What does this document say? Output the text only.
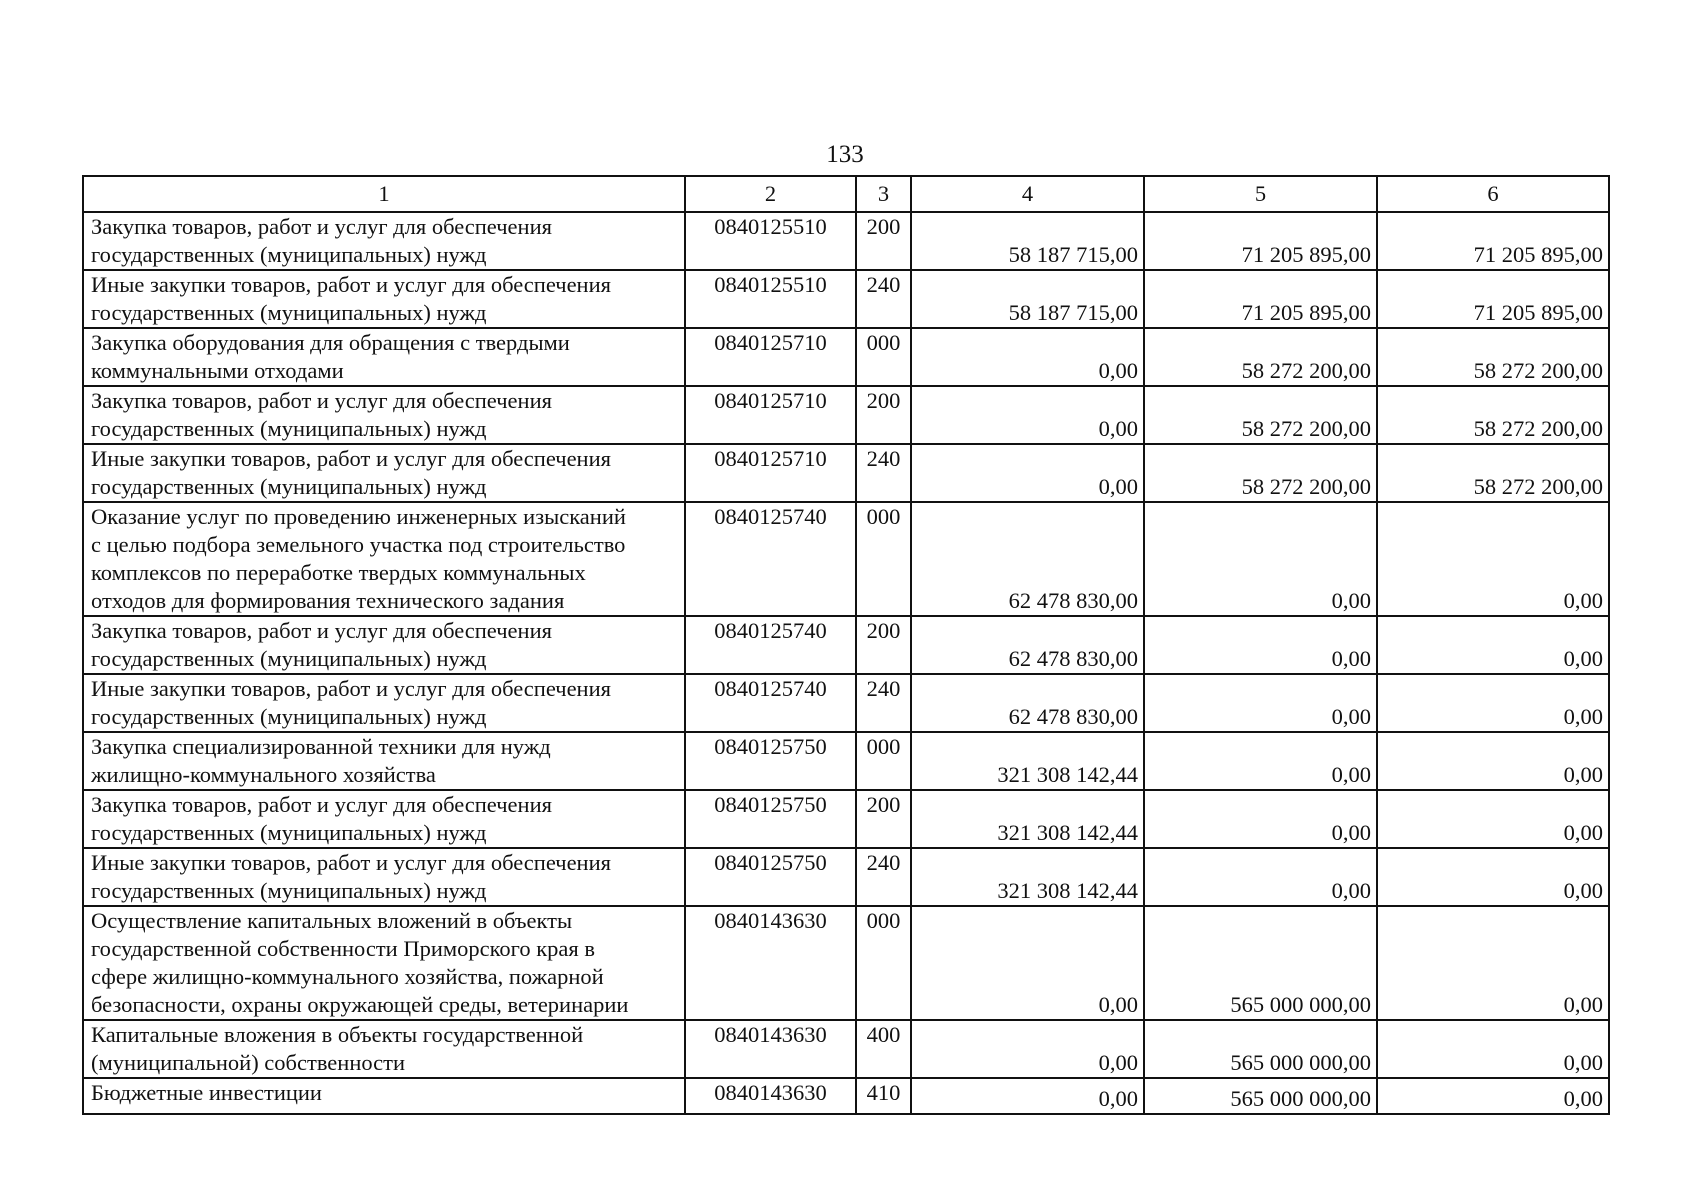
133
1	2	3	4	5	6
Закупка товаров, работ и услуг для обеспечения
государственных (муниципальных) нужд	0840125510	200	58 187 715,00	71 205 895,00	71 205 895,00
Иные закупки товаров, работ и услуг для обеспечения
государственных (муниципальных) нужд	0840125510	240	58 187 715,00	71 205 895,00	71 205 895,00
Закупка оборудования для обращения с твердыми
коммунальными отходами	0840125710	000	0,00	58 272 200,00	58 272 200,00
Закупка товаров, работ и услуг для обеспечения
государственных (муниципальных) нужд	0840125710	200	0,00	58 272 200,00	58 272 200,00
Иные закупки товаров, работ и услуг для обеспечения
государственных (муниципальных) нужд	0840125710	240	0,00	58 272 200,00	58 272 200,00
Оказание услуг по проведению инженерных изысканий
с целью подбора земельного участка под строительство
комплексов по переработке твердых коммунальных
отходов для формирования технического задания	0840125740	000	62 478 830,00	0,00	0,00
Закупка товаров, работ и услуг для обеспечения
государственных (муниципальных) нужд	0840125740	200	62 478 830,00	0,00	0,00
Иные закупки товаров, работ и услуг для обеспечения
государственных (муниципальных) нужд	0840125740	240	62 478 830,00	0,00	0,00
Закупка специализированной техники для нужд
жилищно-коммунального хозяйства	0840125750	000	321 308 142,44	0,00	0,00
Закупка товаров, работ и услуг для обеспечения
государственных (муниципальных) нужд	0840125750	200	321 308 142,44	0,00	0,00
Иные закупки товаров, работ и услуг для обеспечения
государственных (муниципальных) нужд	0840125750	240	321 308 142,44	0,00	0,00
Осуществление капитальных вложений в объекты
государственной собственности Приморского края в
сфере жилищно-коммунального хозяйства, пожарной
безопасности, охраны окружающей среды, ветеринарии	0840143630	000	0,00	565 000 000,00	0,00
Капитальные вложения в объекты государственной
(муниципальной) собственности	0840143630	400	0,00	565 000 000,00	0,00
Бюджетные инвестиции	0840143630	410	0,00	565 000 000,00	0,00
